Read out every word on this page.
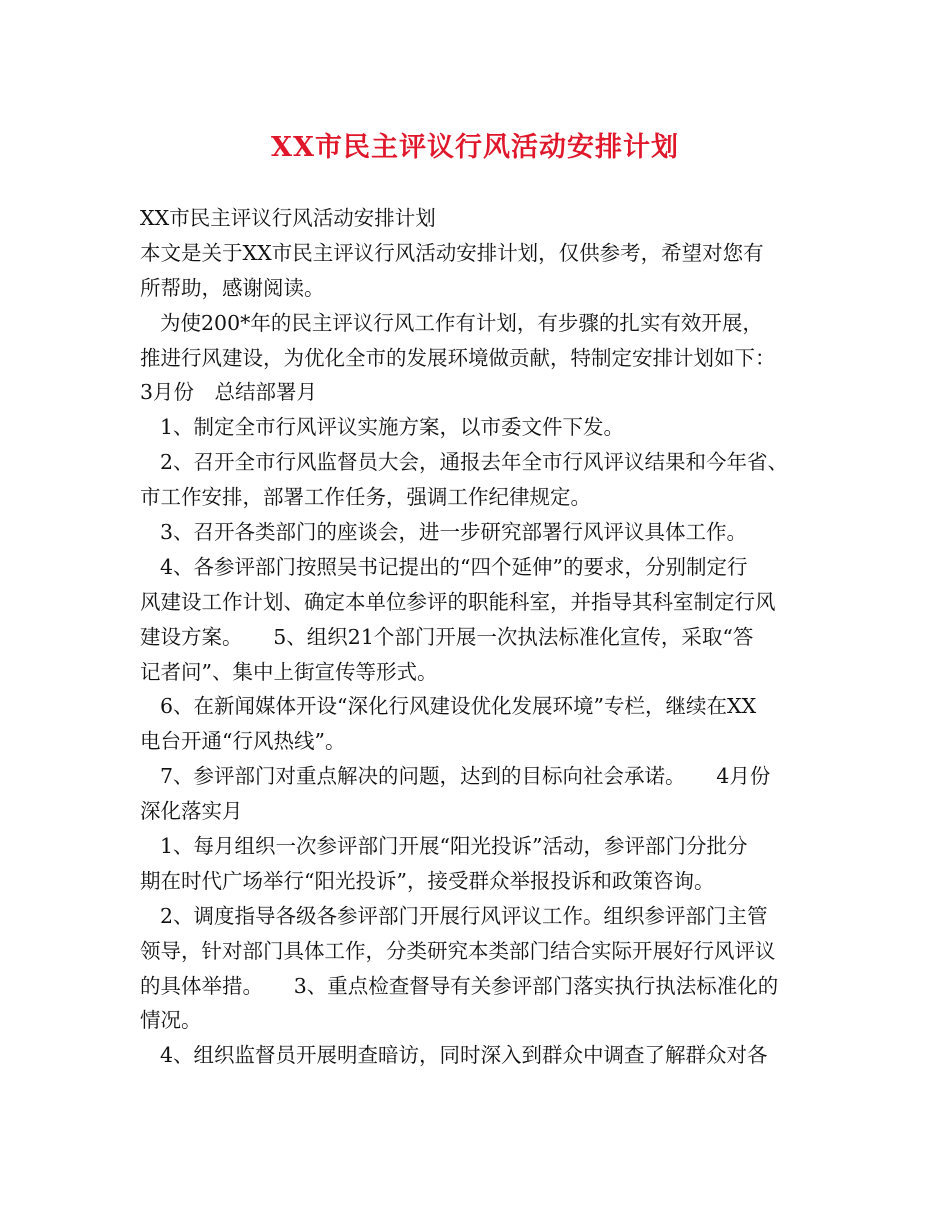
XX市民主评议行风活动安排计划
XX市民主评议行风活动安排计划
本文是关于XX市民主评议行风活动安排计划，仅供参考，希望对您有
所帮助，感谢阅读。
为使200*年的民主评议行风工作有计划，有步骤的扎实有效开展，
推进行风建设，为优化全市的发展环境做贡献，特制定安排计划如下：
3月份　总结部署月
1、制定全市行风评议实施方案，以市委文件下发。
2、召开全市行风监督员大会，通报去年全市行风评议结果和今年省、
市工作安排，部署工作任务，强调工作纪律规定。
3、召开各类部门的座谈会，进一步研究部署行风评议具体工作。
4、各参评部门按照吴书记提出的“四个延伸”的要求，分别制定行
风建设工作计划、确定本单位参评的职能科室，并指导其科室制定行风
建设方案。　　5、组织21个部门开展一次执法标准化宣传，采取“答
记者问”、集中上街宣传等形式。
6、在新闻媒体开设“深化行风建设优化发展环境”专栏，继续在XX
电台开通“行风热线”。
7、参评部门对重点解决的问题，达到的目标向社会承诺。　　4月份
深化落实月
1、每月组织一次参评部门开展“阳光投诉”活动，参评部门分批分
期在时代广场举行“阳光投诉”，接受群众举报投诉和政策咨询。
2、调度指导各级各参评部门开展行风评议工作。组织参评部门主管
领导，针对部门具体工作，分类研究本类部门结合实际开展好行风评议
的具体举措。　　3、重点检查督导有关参评部门落实执行执法标准化的
情况。
4、组织监督员开展明查暗访，同时深入到群众中调查了解群众对各
